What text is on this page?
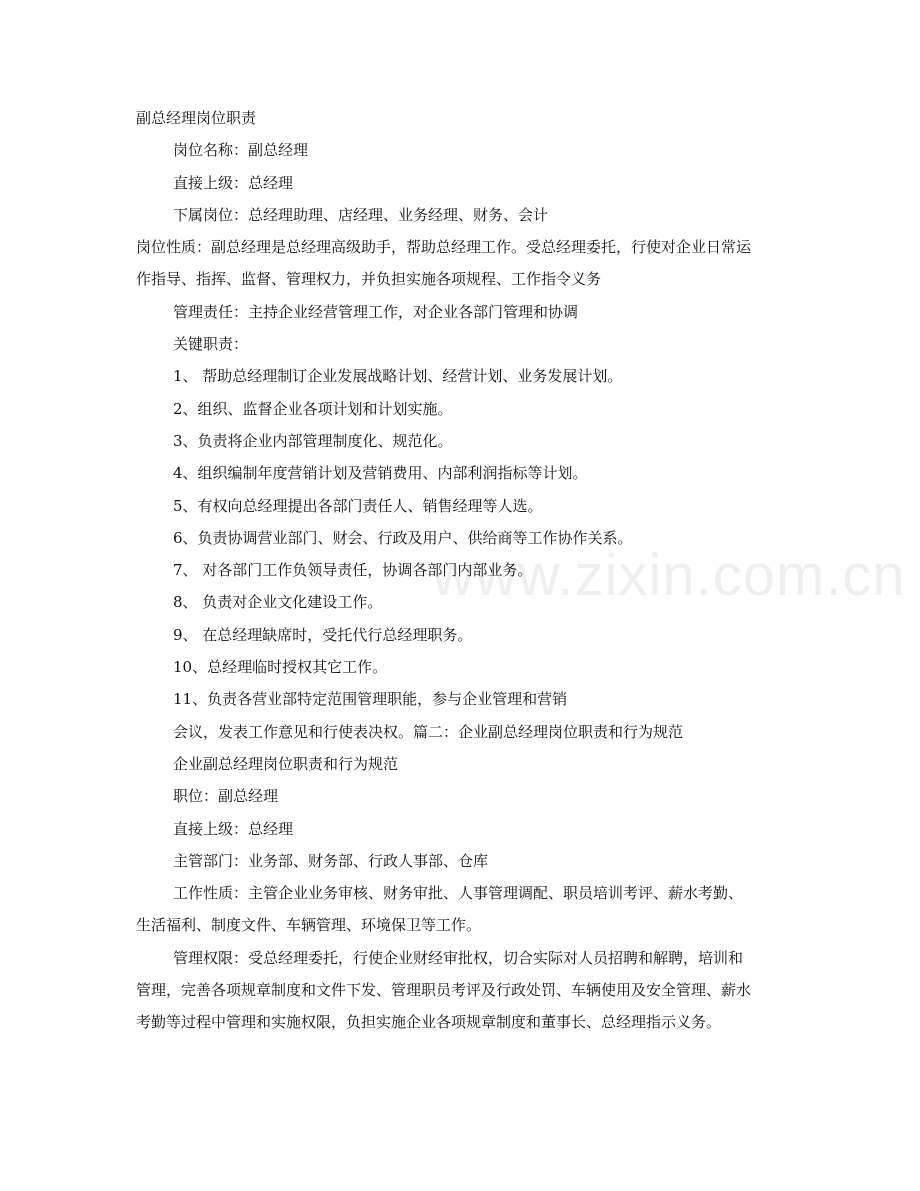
副总经理岗位职责
岗位名称：副总经理
直接上级：总经理
下属岗位：总经理助理、店经理、业务经理、财务、会计
岗位性质：副总经理是总经理高级助手，帮助总经理工作。受总经理委托，行使对企业日常运
作指导、指挥、监督、管理权力，并负担实施各项规程、工作指令义务
管理责任：主持企业经营管理工作，对企业各部门管理和协调
关键职责：
1、 帮助总经理制订企业发展战略计划、经营计划、业务发展计划。
2、组织、监督企业各项计划和计划实施。
3、负责将企业内部管理制度化、规范化。
4、组织编制年度营销计划及营销费用、内部利润指标等计划。
5、有权向总经理提出各部门责任人、销售经理等人选。
6、负责协调营业部门、财会、行政及用户、供给商等工作协作关系。
7、 对各部门工作负领导责任，协调各部门内部业务。
8、 负责对企业文化建设工作。
9、 在总经理缺席时，受托代行总经理职务。
10、总经理临时授权其它工作。
11、负责各营业部特定范围管理职能，参与企业管理和营销
会议，发表工作意见和行使表决权。篇二：企业副总经理岗位职责和行为规范
企业副总经理岗位职责和行为规范
职位：副总经理
直接上级：总经理
主管部门：业务部、财务部、行政人事部、仓库
工作性质：主管企业业务审核、财务审批、人事管理调配、职员培训考评、薪水考勤、
生活福利、制度文件、车辆管理、环境保卫等工作。
管理权限：受总经理委托，行使企业财经审批权，切合实际对人员招聘和解聘，培训和
管理，完善各项规章制度和文件下发、管理职员考评及行政处罚、车辆使用及安全管理、薪水
考勤等过程中管理和实施权限，负担实施企业各项规章制度和董事长、总经理指示义务。
www.zixin.com.cn
